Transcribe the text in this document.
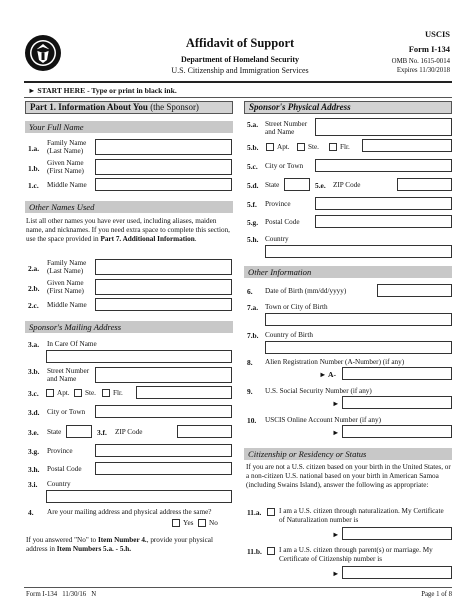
Affidavit of Support
Department of Homeland Security
U.S. Citizenship and Immigration Services
USCIS
Form I-134
OMB No. 1615-0014
Expires 11/30/2018
► START HERE - Type or print in black ink.
Part 1. Information About You (the Sponsor)
Your Full Name
1.a.
Family Name (Last Name)
1.b.
Given Name (First Name)
1.c. Middle Name
Other Names Used
List all other names you have ever used, including aliases, maiden name, and nicknames. If you need extra space to complete this section, use the space provided in Part 7. Additional Information.
2.a.
Family Name (Last Name)
2.b.
Given Name (First Name)
2.c. Middle Name
Sponsor's Mailing Address
3.a. In Care Of Name
3.b. Street Number and Name
3.c.	Apt. Ste. Flr.
3.d. City or Town
3.e. State	3.f. ZIP Code
3.g. Province
3.h. Postal Code
3.i. Country
4. Are your mailing address and physical address the same?
Yes No
If you answered "No" to Item Number 4., provide your physical address in Item Numbers 5.a. - 5.h.
Sponsor's Physical Address
5.a. Street Number and Name
5.b.	Apt.	Ste.	Flr.
5.c. City or Town
5.d. State	5.e. ZIP Code
5.f. Province
5.g. Postal Code
5.h. Country
Other Information
6. Date of Birth (mm/dd/yyyy)
7.a. Town or City of Birth
7.b. Country of Birth
8. Alien Registration Number (A-Number) (if any)
► A-
9. U.S. Social Security Number (if any)
►
10. USCIS Online Account Number (if any)
►
Citizenship or Residency or Status
If you are not a U.S. citizen based on your birth in the United States, or a non-citizen U.S. national based on your birth in American Samoa (including Swains Island), answer the following as appropriate:
11.a. I am a U.S. citizen through naturalization. My Certificate of Naturalization number is
►
11.b. I am a U.S. citizen through parent(s) or marriage. My Certificate of Citizenship number is
►
Form I-134   11/30/16   N	Page 1 of 8
